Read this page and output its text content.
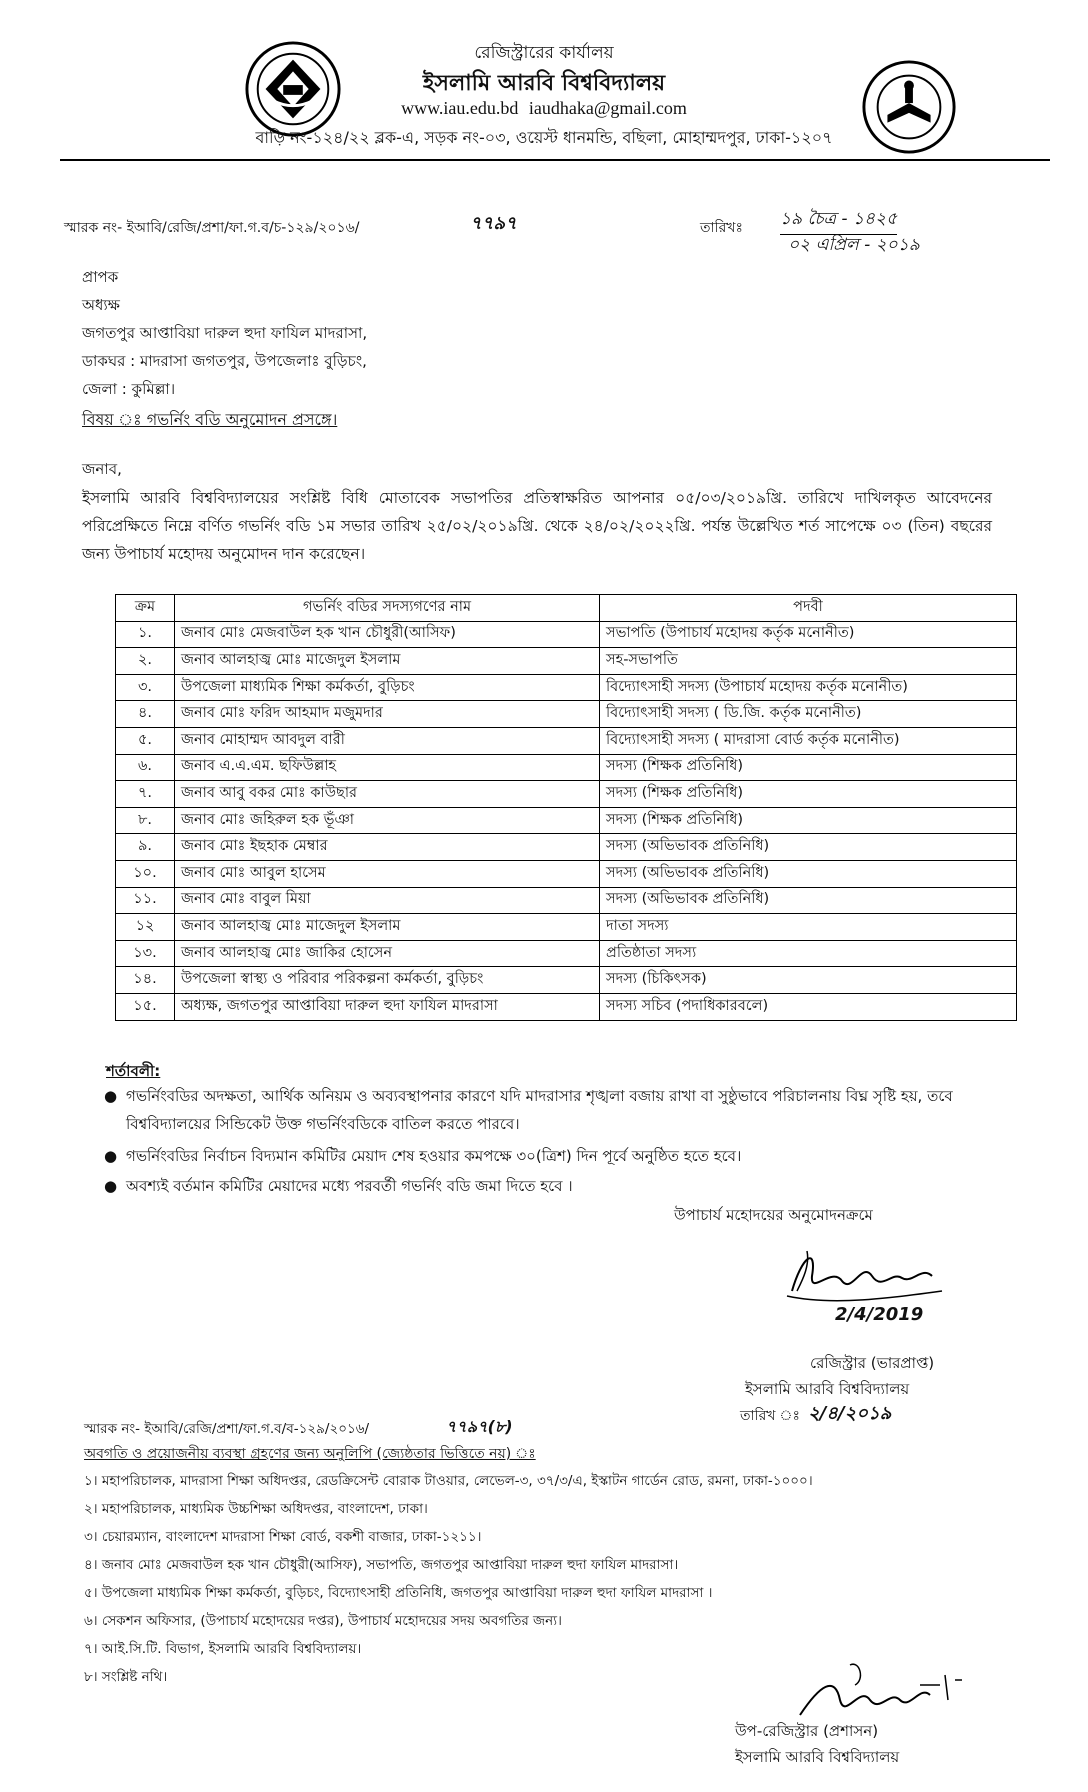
রেজিস্ট্রারের কার্যালয়
ইসলামি আরবি বিশ্ববিদ্যালয়
www.iau.edu.bd iaudhaka@gmail.com
বাড়ি নং-১২৪/২২ ব্লক-এ, সড়ক নং-০৩, ওয়েস্ট ধানমন্ডি, বছিলা, মোহাম্মদপুর, ঢাকা-১২০৭
স্মারক নং- ইআবি/রেজি/প্রশা/ফা.গ.ব/চ-১২৯/২০১৬/	৭৭৯৭	তারিখঃ ১৯ চৈত্র - ১৪২৫
০২ এপ্রিল - ২০১৯
প্রাপক
অধ্যক্ষ
জগতপুর আপ্তাবিয়া দারুল হুদা ফাযিল মাদরাসা,
ডাকঘর : মাদরাসা জগতপুর, উপজেলাঃ বুড়িচং,
জেলা : কুমিল্লা।
বিষয় ঃ গভর্নিং বডি অনুমোদন প্রসঙ্গে।
জনাব,
ইসলামি আরবি বিশ্ববিদ্যালয়ের সংশ্লিষ্ট বিধি মোতাবেক সভাপতির প্রতিস্বাক্ষরিত আপনার ০৫/০৩/২০১৯খ্রি. তারিখে দাখিলকৃত আবেদনের পরিপ্রেক্ষিতে নিম্নে বর্ণিত গভর্নিং বডি ১ম সভার তারিখ ২৫/০২/২০১৯খ্রি. থেকে ২৪/০২/২০২২খ্রি. পর্যন্ত উল্লেখিত শর্ত সাপেক্ষে ০৩ (তিন) বছরের জন্য উপাচার্য মহোদয় অনুমোদন দান করেছেন।
ক্রম	গভর্নিং বডির সদস্যগণের নাম	পদবী
১.	জনাব মোঃ মেজবাউল হক খান চৌধুরী(আসিফ)	সভাপতি (উপাচার্য মহোদয় কর্তৃক মনোনীত)
২.	জনাব আলহাজ্ব মোঃ মাজেদুল ইসলাম	সহ-সভাপতি
৩.	উপজেলা মাধ্যমিক শিক্ষা কর্মকর্তা, বুড়িচং	বিদ্যোৎসাহী সদস্য (উপাচার্য মহোদয় কর্তৃক মনোনীত)
৪.	জনাব মোঃ ফরিদ আহমাদ মজুমদার	বিদ্যোৎসাহী সদস্য ( ডি.জি. কর্তৃক মনোনীত)
৫.	জনাব মোহাম্মদ আবদুল বারী	বিদ্যোৎসাহী সদস্য ( মাদরাসা বোর্ড কর্তৃক মনোনীত)
৬.	জনাব এ.এ.এম. ছফিউল্লাহ	সদস্য (শিক্ষক প্রতিনিধি)
৭.	জনাব আবু বকর মোঃ কাউছার	সদস্য (শিক্ষক প্রতিনিধি)
৮.	জনাব মোঃ জহিরুল হক ভূঁঞা	সদস্য (শিক্ষক প্রতিনিধি)
৯.	জনাব মোঃ ইছহাক মেম্বার	সদস্য (অভিভাবক প্রতিনিধি)
১০.	জনাব মোঃ আবুল হাসেম	সদস্য (অভিভাবক প্রতিনিধি)
১১.	জনাব মোঃ বাবুল মিয়া	সদস্য (অভিভাবক প্রতিনিধি)
১২	জনাব আলহাজ্ব মোঃ মাজেদুল ইসলাম	দাতা সদস্য
১৩.	জনাব আলহাজ্ব মোঃ জাকির হোসেন	প্রতিষ্ঠাতা সদস্য
১৪.	উপজেলা স্বাস্থ্য ও পরিবার পরিকল্পনা কর্মকর্তা, বুড়িচং	সদস্য (চিকিৎসক)
১৫.	অধ্যক্ষ, জগতপুর আপ্তাবিয়া দারুল হুদা ফাযিল মাদরাসা	সদস্য সচিব (পদাধিকারবলে)
শর্তাবলী:
● গভর্নিংবডির অদক্ষতা, আর্থিক অনিয়ম ও অব্যবস্থাপনার কারণে যদি মাদরাসার শৃঙ্খলা বজায় রাখা বা সুষ্ঠুভাবে পরিচালনায় বিঘ্ন সৃষ্টি হয়, তবে বিশ্ববিদ্যালয়ের সিন্ডিকেট উক্ত গভর্নিংবডিকে বাতিল করতে পারবে।
● গভর্নিংবডির নির্বাচন বিদ্যমান কমিটির মেয়াদ শেষ হওয়ার কমপক্ষে ৩০(ত্রিশ) দিন পূর্বে অনুষ্ঠিত হতে হবে।
● অবশ্যই বর্তমান কমিটির মেয়াদের মধ্যে পরবর্তী গভর্নিং বডি জমা দিতে হবে ।
উপাচার্য মহোদয়ের অনুমোদনক্রমে
2/4/2019
রেজিস্ট্রার (ভারপ্রাপ্ত)
ইসলামি আরবি বিশ্ববিদ্যালয়
স্মারক নং- ইআবি/রেজি/প্রশা/ফা.গ.ব/ব-১২৯/২০১৬/	৭৭৯৭(৮)
তারিখ ঃ ২/৪/২০১৯
অবগতি ও প্রয়োজনীয় ব্যবস্থা গ্রহণের জন্য অনুলিপি (জ্যেষ্ঠতার ভিত্তিতে নয়) ঃ
১। মহাপরিচালক, মাদরাসা শিক্ষা অধিদপ্তর, রেডক্রিসেন্ট বোরাক টাওয়ার, লেভেল-৩, ৩৭/৩/এ, ইস্কাটন গার্ডেন রোড, রমনা, ঢাকা-১০০০।
২। মহাপরিচালক, মাধ্যমিক উচ্চশিক্ষা অধিদপ্তর, বাংলাদেশ, ঢাকা।
৩। চেয়ারম্যান, বাংলাদেশ মাদরাসা শিক্ষা বোর্ড, বকশী বাজার, ঢাকা-১২১১।
৪। জনাব মোঃ মেজবাউল হক খান চৌধুরী(আসিফ), সভাপতি, জগতপুর আপ্তাবিয়া দারুল হুদা ফাযিল মাদরাসা।
৫। উপজেলা মাধ্যমিক শিক্ষা কর্মকর্তা, বুড়িচং, বিদ্যোৎসাহী প্রতিনিধি, জগতপুর আপ্তাবিয়া দারুল হুদা ফাযিল মাদরাসা ।
৬। সেকশন অফিসার, (উপাচার্য মহোদয়ের দপ্তর), উপাচার্য মহোদয়ের সদয় অবগতির জন্য।
৭। আই.সি.টি. বিভাগ, ইসলামি আরবি বিশ্ববিদ্যালয়।
৮। সংশ্লিষ্ট নথি।
উপ-রেজিস্ট্রার (প্রশাসন)
ইসলামি আরবি বিশ্ববিদ্যালয়
